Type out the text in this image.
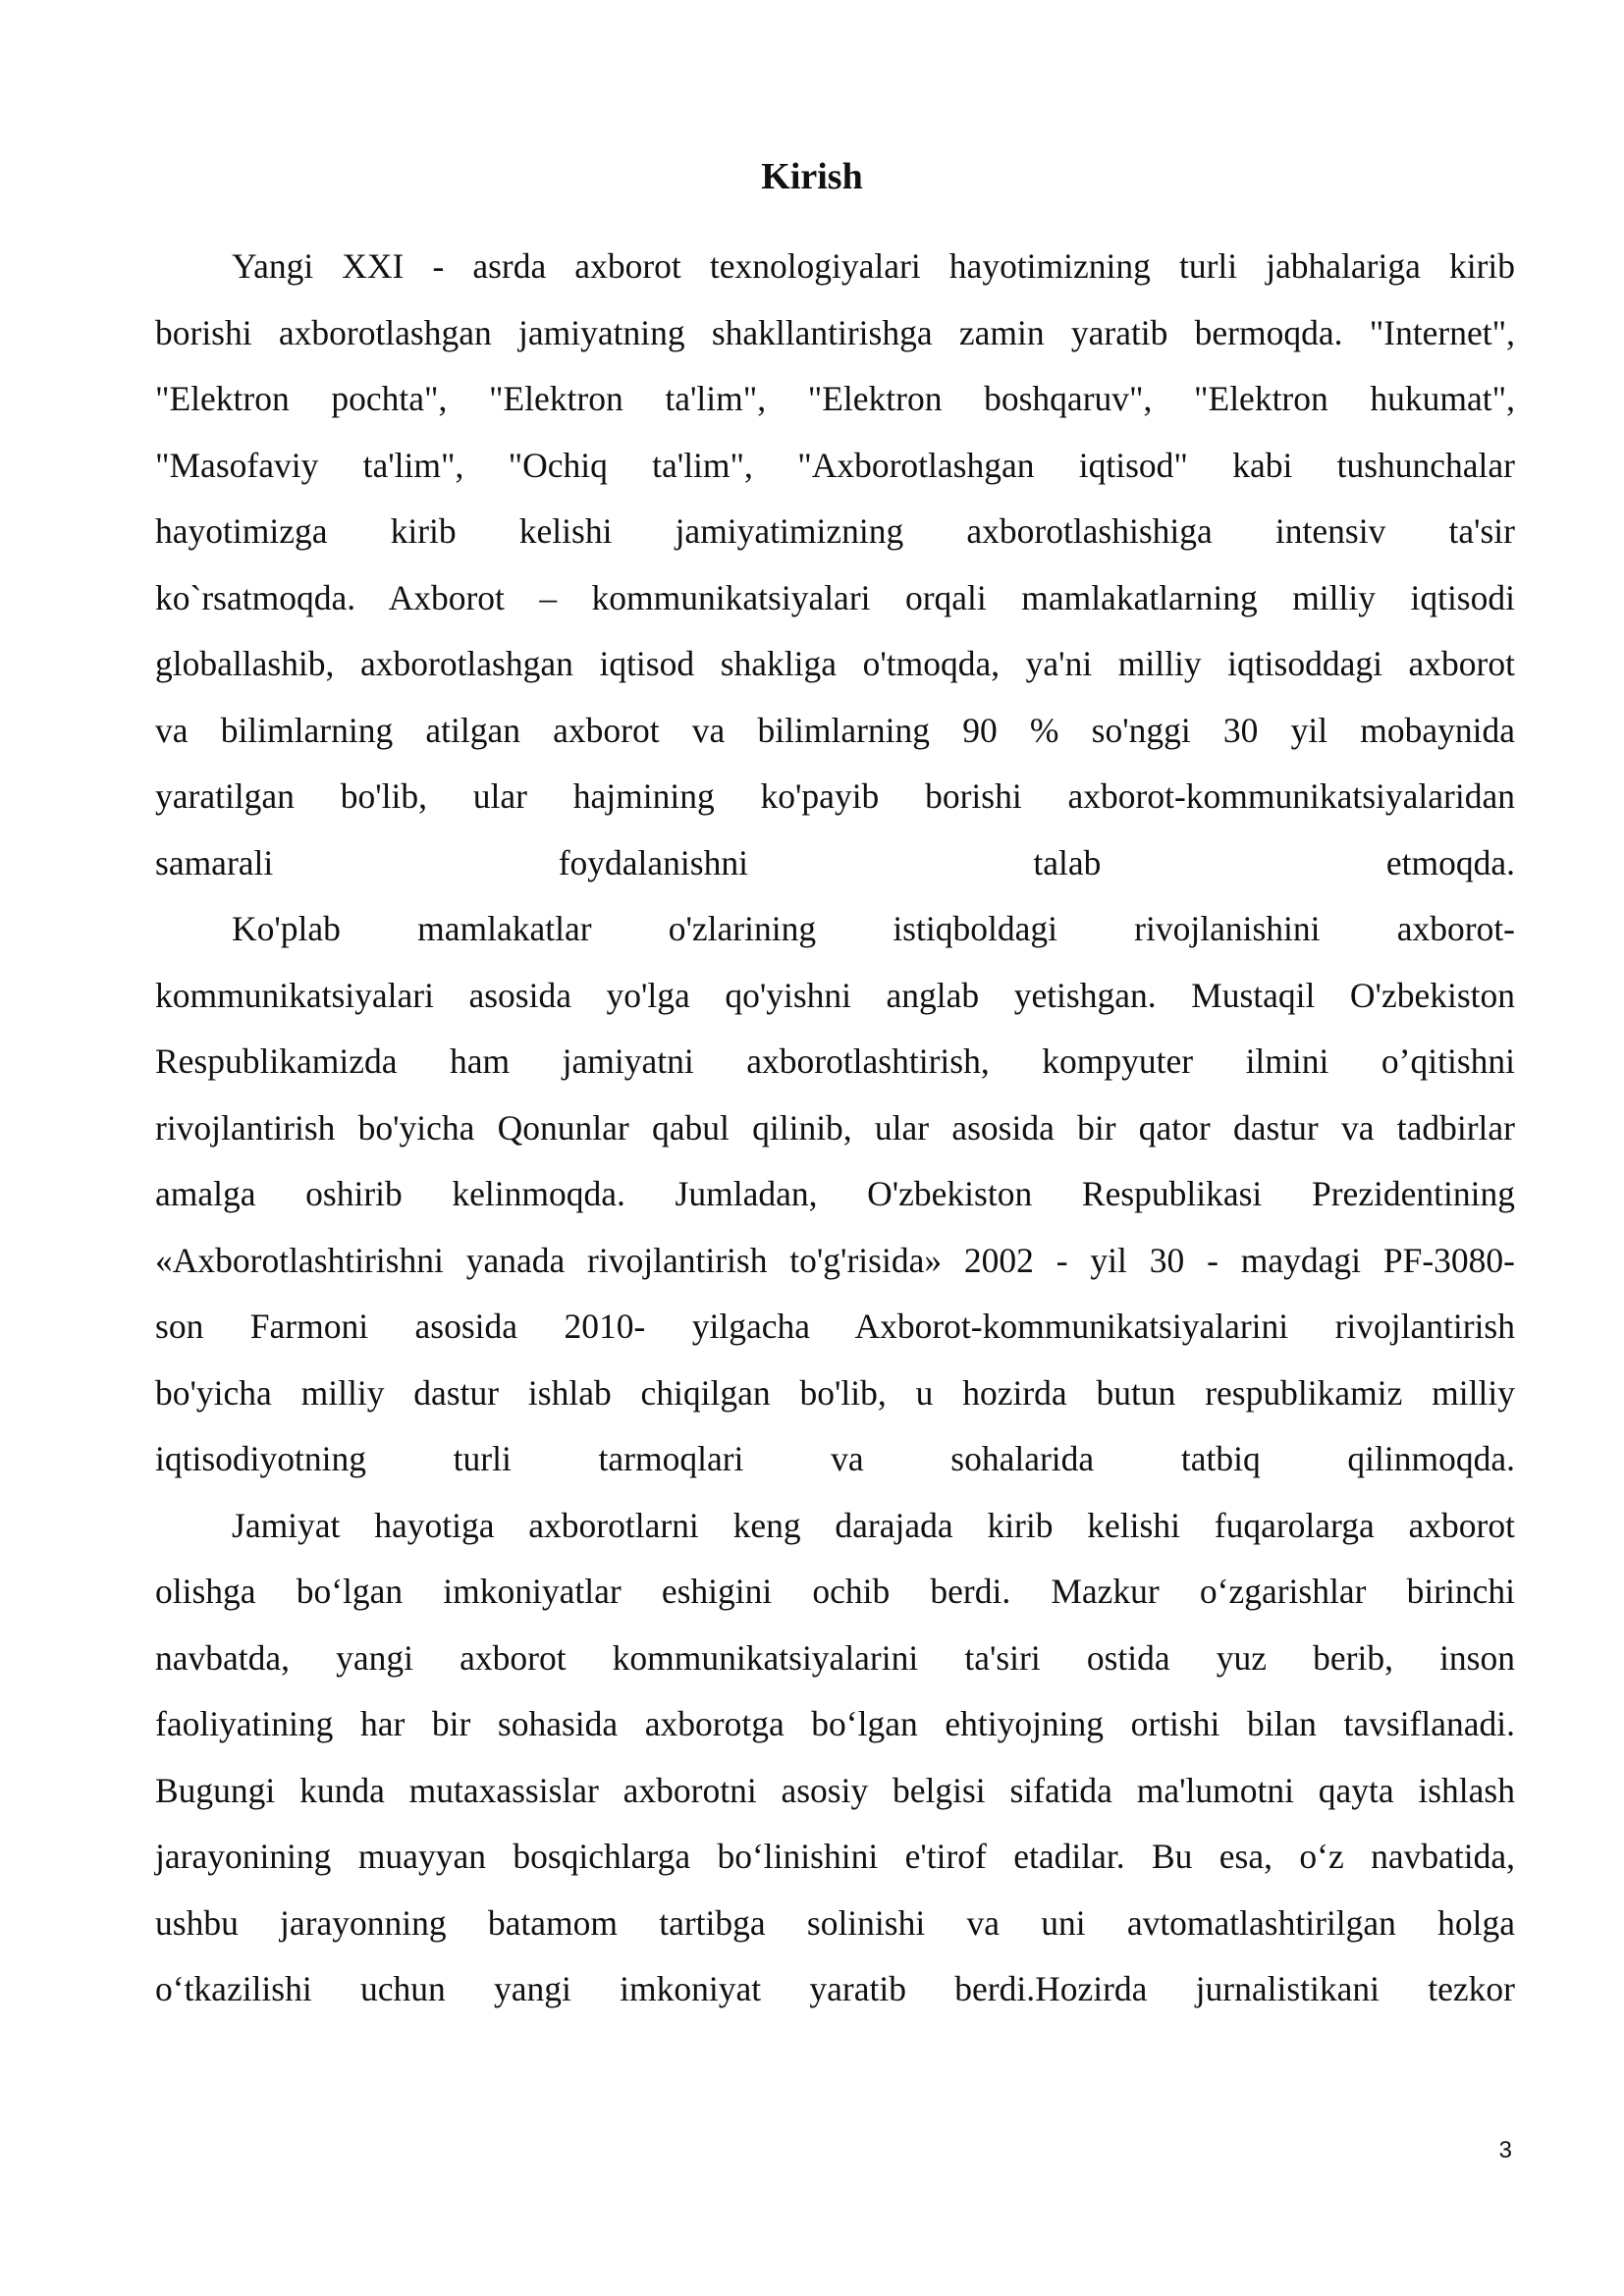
Kirish
Yangi XXI - asrda axborot texnologiyalari hayotimizning turli jabhalariga kirib
borishi axborotlashgan jamiyatning shakllantirishga zamin yaratib bermoqda. "Internet",
"Elektron pochta", "Elektron ta'lim", "Elektron boshqaruv", "Elektron hukumat",
"Masofaviy ta'lim", "Ochiq ta'lim", "Axborotlashgan iqtisod" kabi tushunchalar
hayotimizga kirib kelishi jamiyatimizning axborotlashishiga intensiv ta'sir
ko`rsatmoqda. Axborot – kommunikatsiyalari orqali mamlakatlarning milliy iqtisodi
globallashib, axborotlashgan iqtisod shakliga o'tmoqda, ya'ni milliy iqtisoddagi axborot
va bilimlarning atilgan axborot va bilimlarning 90 % so'nggi 30 yil mobaynida
yaratilgan bo'lib, ular hajmining ko'payib borishi axborot-kommunikatsiyalaridan
samarali foydalanishni talab etmoqda.
Ko'plab mamlakatlar o'zlarining istiqboldagi rivojlanishini axborot-
kommunikatsiyalari asosida yo'lga qo'yishni anglab yetishgan. Mustaqil O'zbekiston
Respublikamizda ham jamiyatni axborotlashtirish, kompyuter ilmini o’qitishni
rivojlantirish bo'yicha Qonunlar qabul qilinib, ular asosida bir qator dastur va tadbirlar
amalga oshirib kelinmoqda. Jumladan, O'zbekiston Respublikasi Prezidentining
«Axborotlashtirishni yanada rivojlantirish to'g'risida» 2002 - yil 30 - maydagi PF-3080-
son Farmoni asosida 2010- yilgacha Axborot-kommunikatsiyalarini rivojlantirish
bo'yicha milliy dastur ishlab chiqilgan bo'lib, u hozirda butun respublikamiz milliy
iqtisodiyotning turli tarmoqlari va sohalarida tatbiq qilinmoqda.
Jamiyat hayotiga axborotlarni keng darajada kirib kelishi fuqarolarga axborot
olishga bo‘lgan imkoniyatlar eshigini ochib berdi. Mazkur o‘zgarishlar birinchi
navbatda, yangi axborot kommunikatsiyalarini ta'siri ostida yuz berib, inson
faoliyatining har bir sohasida axborotga bo‘lgan ehtiyojning ortishi bilan tavsiflanadi.
Bugungi kunda mutaxassislar axborotni asosiy belgisi sifatida ma'lumotni qayta ishlash
jarayonining muayyan bosqichlarga bo‘linishini e'tirof etadilar. Bu esa, o‘z navbatida,
ushbu jarayonning batamom tartibga solinishi va uni avtomatlashtirilgan holga
o‘tkazilishi uchun yangi imkoniyat yaratib berdi.Hozirda jurnalistikani tezkor
3
